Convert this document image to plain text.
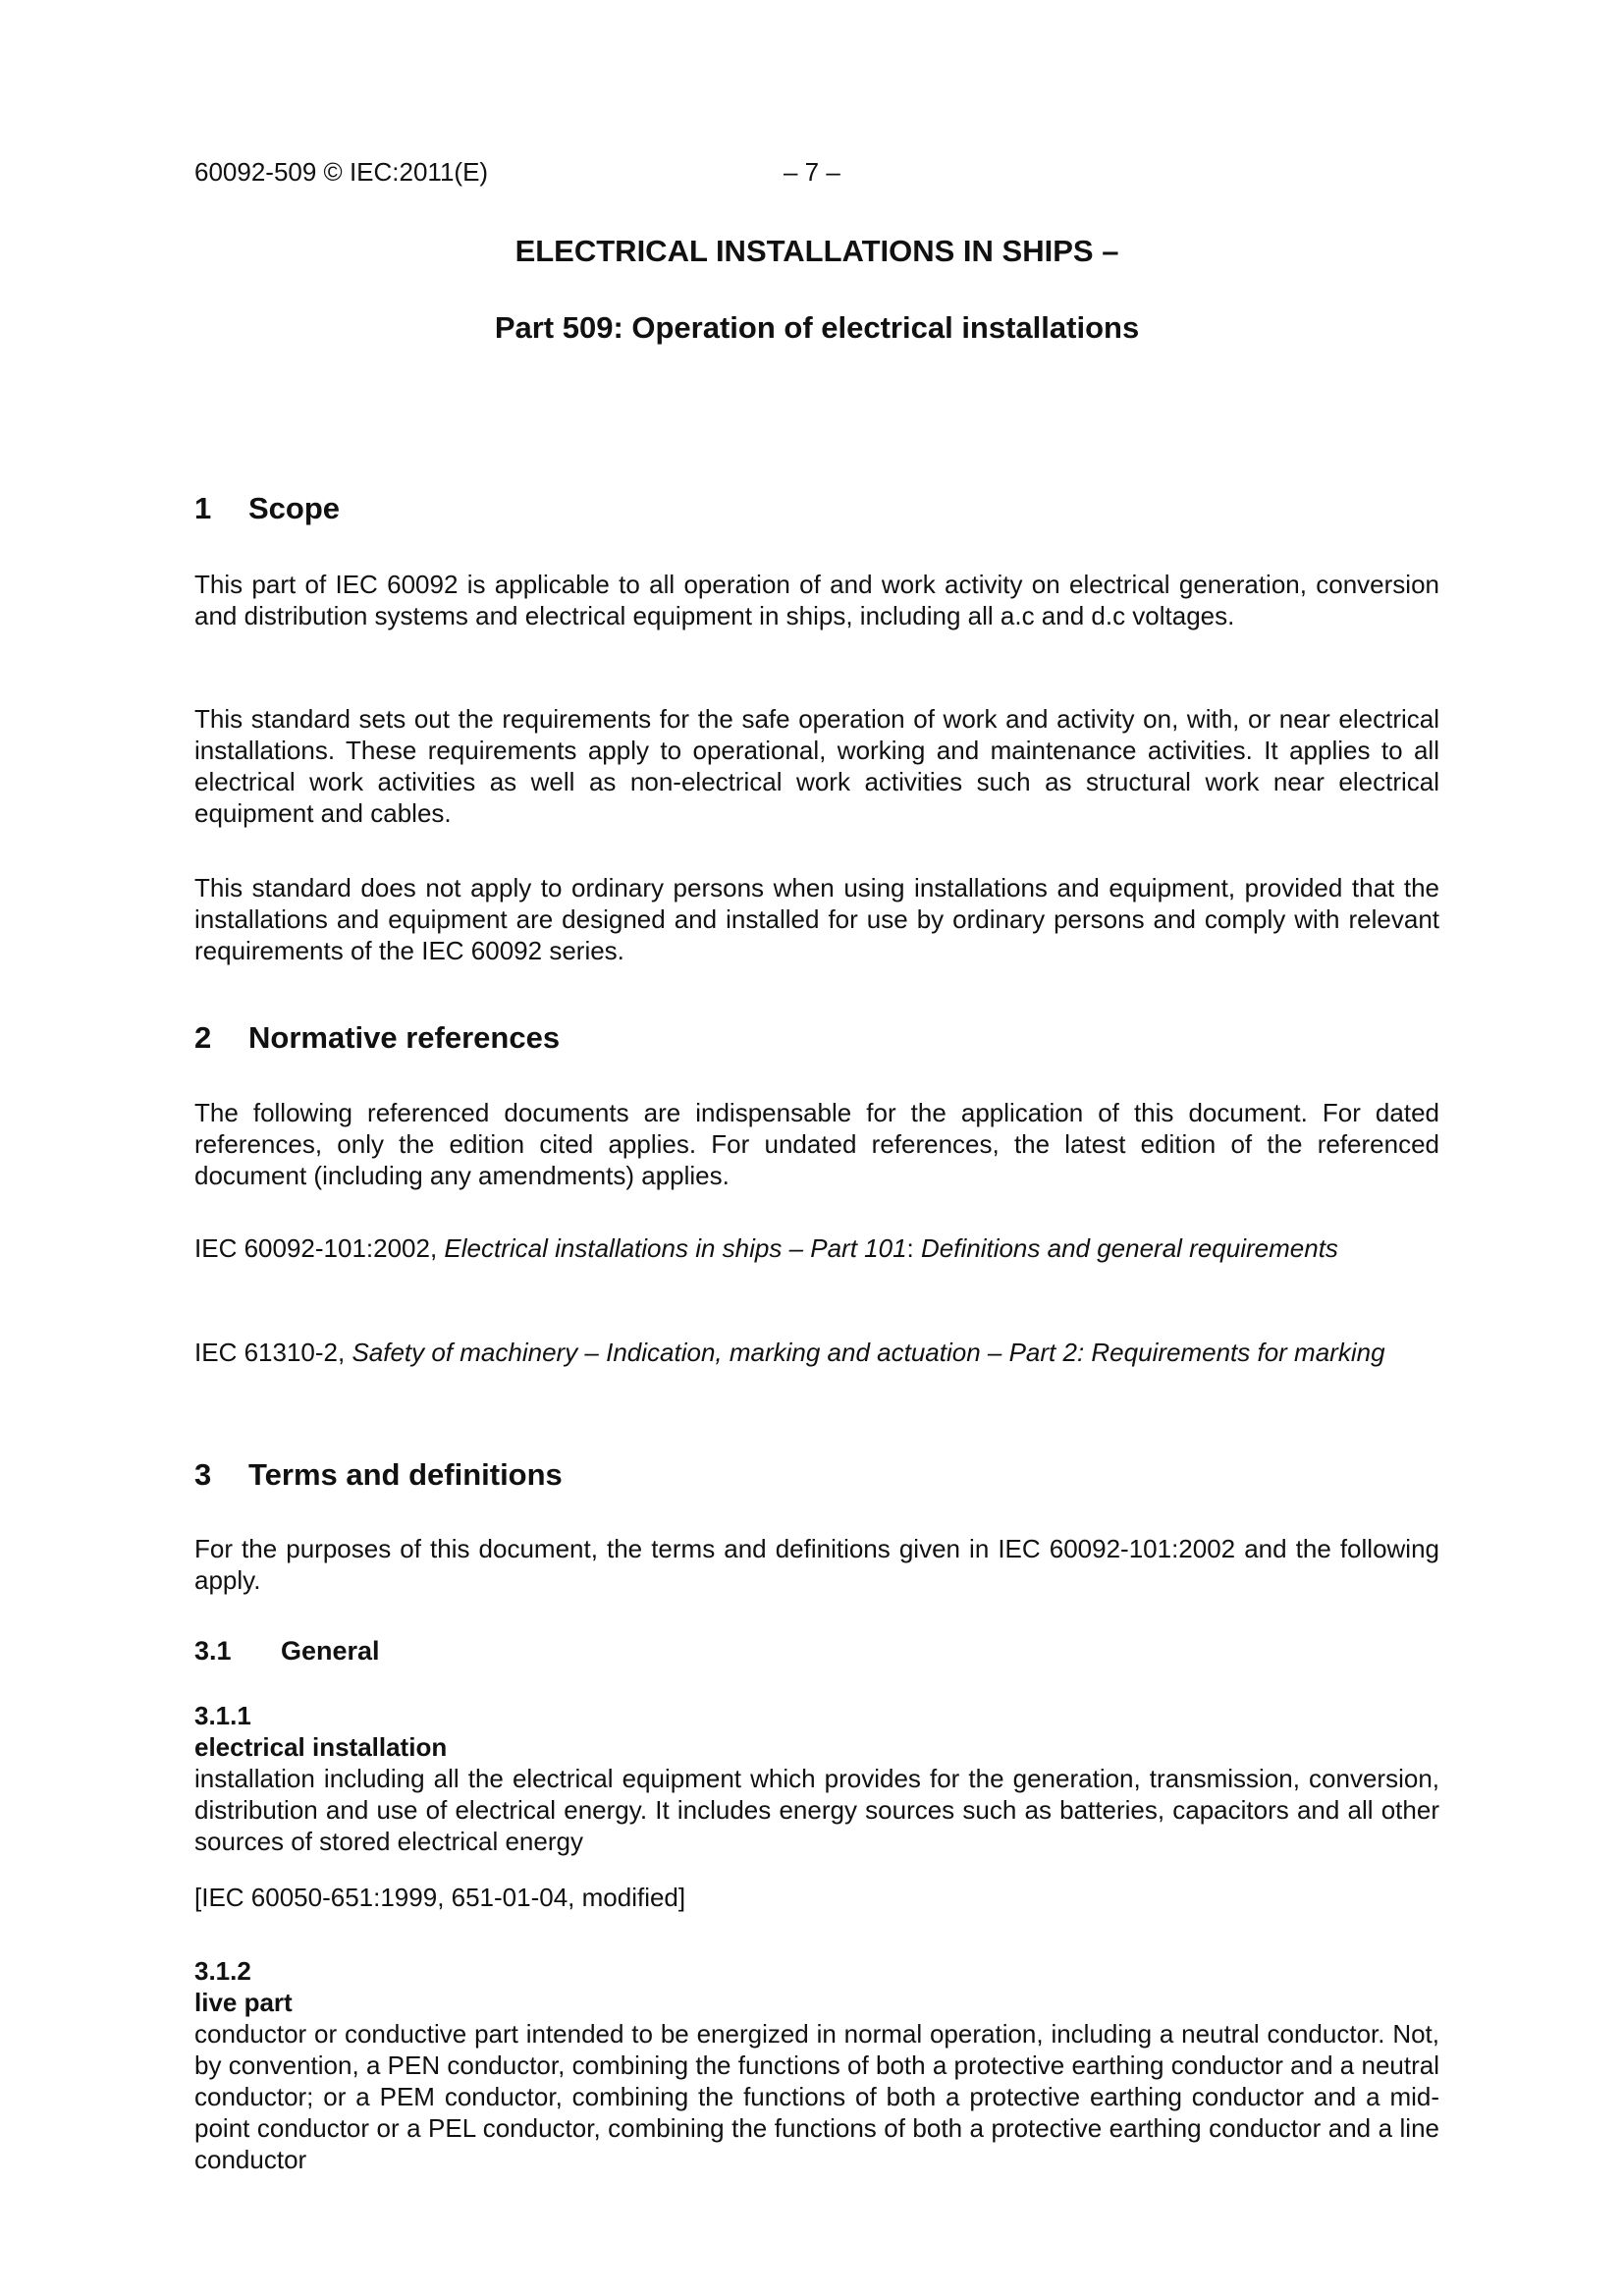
60092-509 © IEC:2011(E)	– 7 –
ELECTRICAL INSTALLATIONS IN SHIPS –
Part 509: Operation of electrical installations
1 Scope
This part of IEC 60092 is applicable to all operation of and work activity on electrical generation, conversion and distribution systems and electrical equipment in ships, including all a.c and d.c voltages.
This standard sets out the requirements for the safe operation of work and activity on, with, or near electrical installations. These requirements apply to operational, working and maintenance activities. It applies to all electrical work activities as well as non-electrical work activities such as structural work near electrical equipment and cables.
This standard does not apply to ordinary persons when using installations and equipment, provided that the installations and equipment are designed and installed for use by ordinary persons and comply with relevant requirements of the IEC 60092 series.
2 Normative references
The following referenced documents are indispensable for the application of this document. For dated references, only the edition cited applies. For undated references, the latest edition of the referenced document (including any amendments) applies.
IEC 60092-101:2002, Electrical installations in ships – Part 101: Definitions and general requirements
IEC 61310-2, Safety of machinery – Indication, marking and actuation – Part 2: Requirements for marking
3 Terms and definitions
For the purposes of this document, the terms and definitions given in IEC 60092-101:2002 and the following apply.
3.1 General
3.1.1
electrical installation
installation including all the electrical equipment which provides for the generation, transmission, conversion, distribution and use of electrical energy. It includes energy sources such as batteries, capacitors and all other sources of stored electrical energy
[IEC 60050-651:1999, 651-01-04, modified]
3.1.2
live part
conductor or conductive part intended to be energized in normal operation, including a neutral conductor. Not, by convention, a PEN conductor, combining the functions of both a protective earthing conductor and a neutral conductor; or a PEM conductor, combining the functions of both a protective earthing conductor and a mid-point conductor or a PEL conductor, combining the functions of both a protective earthing conductor and a line conductor
